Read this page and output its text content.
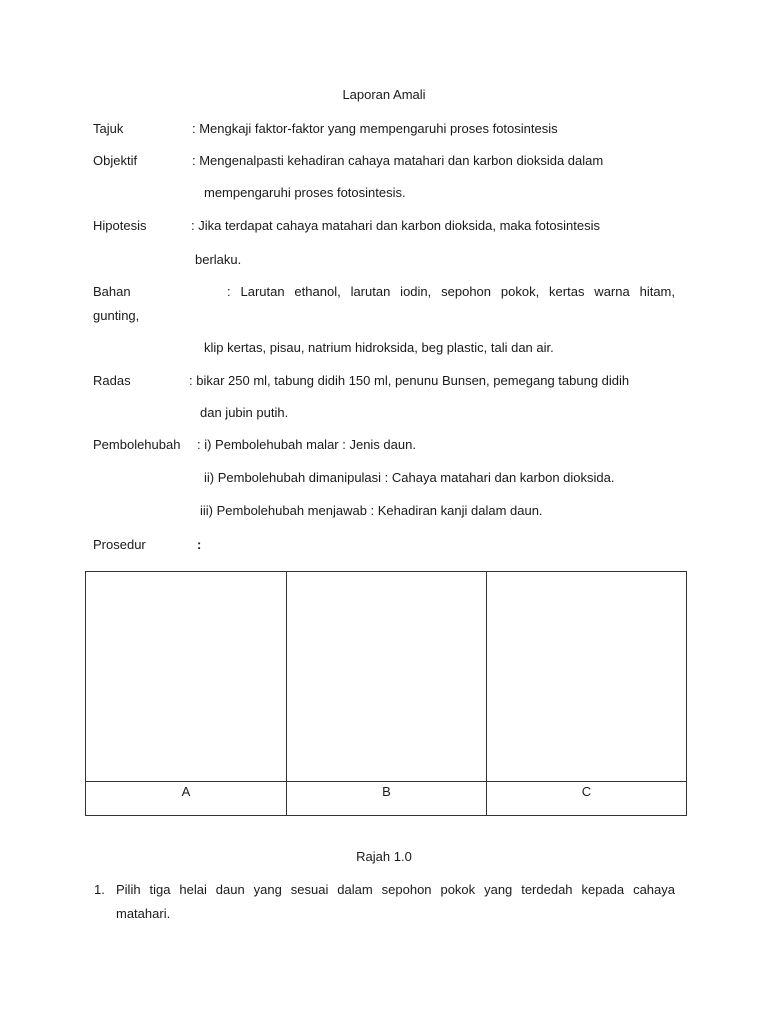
Laporan Amali
Tajuk	: Mengkaji faktor-faktor yang mempengaruhi proses fotosintesis
Objektif	: Mengenalpasti kehadiran cahaya matahari dan karbon dioksida dalam
mempengaruhi proses fotosintesis.
Hipotesis	: Jika terdapat cahaya matahari dan karbon dioksida, maka fotosintesis
berlaku.
Bahan	: Larutan ethanol, larutan iodin, sepohon pokok, kertas warna hitam,
gunting,
klip kertas, pisau, natrium hidroksida, beg plastic, tali dan air.
Radas	: bikar 250 ml, tabung didih 150 ml, penunu Bunsen, pemegang tabung didih
dan jubin putih.
Pembolehubah : i) Pembolehubah malar : Jenis daun.
ii) Pembolehubah dimanipulasi : Cahaya matahari dan karbon dioksida.
iii) Pembolehubah menjawab : Kehadiran kanji dalam daun.
Prosedur	:
A	B	C
Rajah 1.0
1. Pilih tiga helai daun yang sesuai dalam sepohon pokok yang terdedah kepada cahaya
matahari.
